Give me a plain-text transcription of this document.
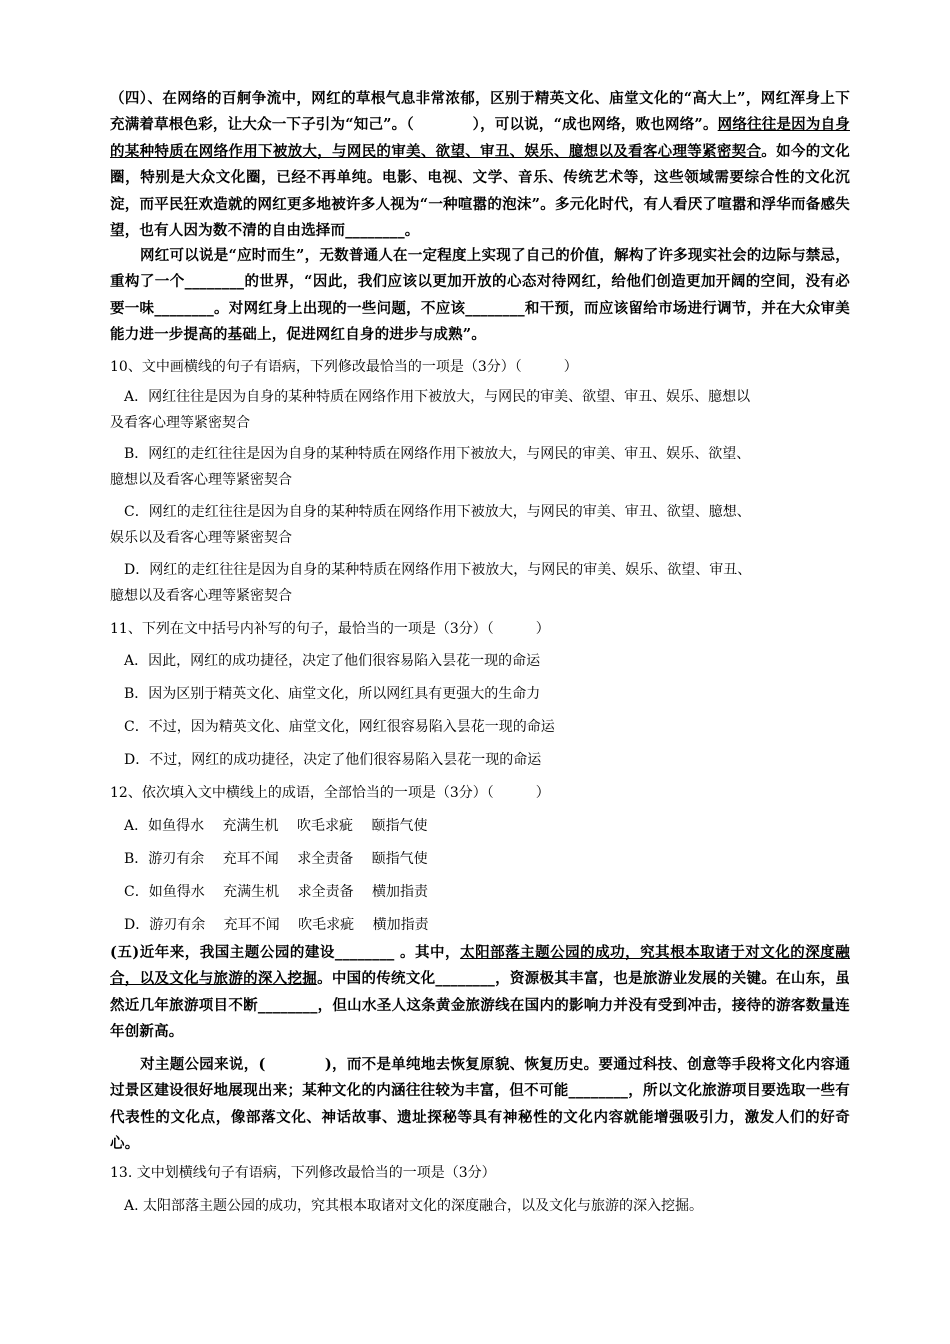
（四）、在网络的百舸争流中，网红的草根气息非常浓郁，区别于精英文化、庙堂文化的“高大上”，网红浑身上下充满着草根色彩，让大众一下子引为“知己”。（　　　　），可以说，“成也网络，败也网络”。网络往往是因为自身的某种特质在网络作用下被放大，与网民的审美、欲望、审丑、娱乐、臆想以及看客心理等紧密契合。如今的文化圈，特别是大众文化圈，已经不再单纯。电影、电视、文学、音乐、传统艺术等，这些领域需要综合性的文化沉淀，而平民狂欢造就的网红更多地被许多人视为“一种喧嚣的泡沫”。多元化时代，有人看厌了喧嚣和浮华而备感失望，也有人因为数不清的自由选择而________。
网红可以说是“应时而生”，无数普通人在一定程度上实现了自己的价值，解构了许多现实社会的边际与禁忌，重构了一个________的世界，“因此，我们应该以更加开放的心态对待网红，给他们创造更加开阔的空间，没有必要一味________。对网红身上出现的一些问题，不应该________和干预，而应该留给市场进行调节，并在大众审美能力进一步提高的基础上，促进网红自身的进步与成熟”。
10、文中画横线的句子有语病，下列修改最恰当的一项是（3分）（　　　）
A．网红往往是因为自身的某种特质在网络作用下被放大，与网民的审美、欲望、审丑、娱乐、臆想以
及看客心理等紧密契合
B．网红的走红往往是因为自身的某种特质在网络作用下被放大，与网民的审美、审丑、娱乐、欲望、
臆想以及看客心理等紧密契合
C．网红的走红往往是因为自身的某种特质在网络作用下被放大，与网民的审美、审丑、欲望、臆想、
娱乐以及看客心理等紧密契合
D．网红的走红往往是因为自身的某种特质在网络作用下被放大，与网民的审美、娱乐、欲望、审丑、
臆想以及看客心理等紧密契合
11、下列在文中括号内补写的句子，最恰当的一项是（3分）（　　　）
A．因此，网红的成功捷径，决定了他们很容易陷入昙花一现的命运
B．因为区别于精英文化、庙堂文化，所以网红具有更强大的生命力
C．不过，因为精英文化、庙堂文化，网红很容易陷入昙花一现的命运
D．不过，网红的成功捷径，决定了他们很容易陷入昙花一现的命运
12、依次填入文中横线上的成语，全部恰当的一项是（3分）（　　　）
A．如鱼得水　 充满生机　 吹毛求疵　 颐指气使
B．游刃有余　 充耳不闻　 求全责备　 颐指气使
C．如鱼得水　 充满生机　 求全责备　 横加指责
D．游刃有余　 充耳不闻　 吹毛求疵　 横加指责
(五)近年来，我国主题公园的建设________ 。其中，太阳部落主题公园的成功，究其根本取诸于对文化的深度融合，以及文化与旅游的深入挖掘。中国的传统文化________，资源极其丰富，也是旅游业发展的关键。在山东，虽然近几年旅游项目不断________，但山水圣人这条黄金旅游线在国内的影响力并没有受到冲击，接待的游客数量连年创新高。
对主题公园来说，(　　　　)，而不是单纯地去恢复原貌、恢复历史。要通过科技、创意等手段将文化内容通过景区建设很好地展现出来；某种文化的内涵往往较为丰富，但不可能________，所以文化旅游项目要选取一些有代表性的文化点，像部落文化、神话故事、遗址探秘等具有神秘性的文化内容就能增强吸引力，激发人们的好奇心。
13. 文中划横线句子有语病，下列修改最恰当的一项是（3分）
A. 太阳部落主题公园的成功，究其根本取诸对文化的深度融合，以及文化与旅游的深入挖掘。
